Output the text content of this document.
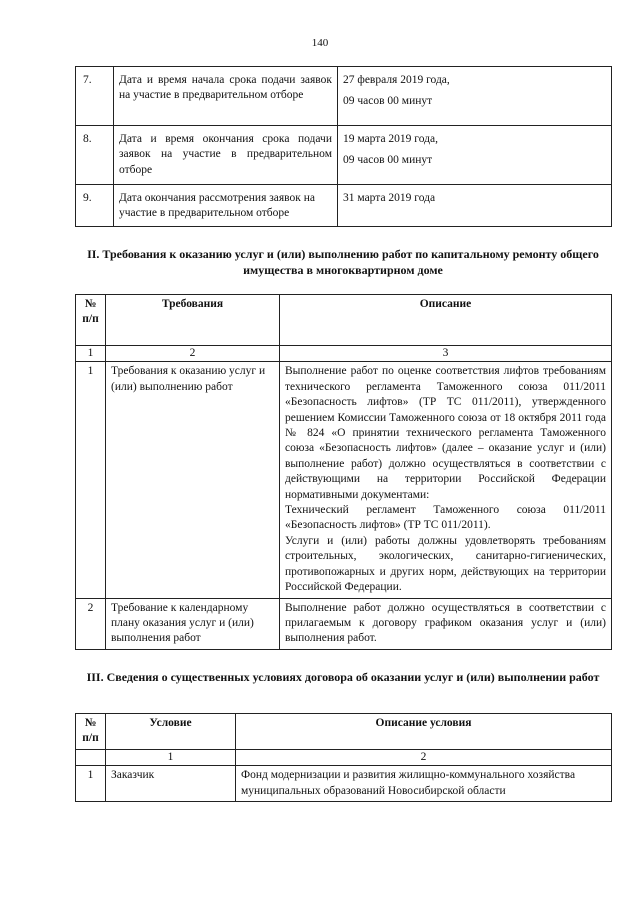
140
7.	Дата и время начала срока подачи заявок на участие в предварительном отборе	27 февраля 2019 года,

09 часов 00 минут

8.	Дата и время окончания срока подачи заявок на участие в предварительном отборе	19 марта 2019 года,

09 часов 00 минут

9.	Дата окончания рассмотрения заявок на участие в предварительном отборе	31 марта 2019 года

II. Требования к оказанию услуг и (или) выполнению работ по капитальному ремонту общего имущества в многоквартирном доме
№ п/п	Требования	Описание
1	2	3
1	Требования к оказанию услуг и (или) выполнению работ	Выполнение работ по оценке соответствия лифтов требованиям технического регламента Таможенного союза 011/2011 «Безопасность лифтов» (ТР ТС 011/2011), утвержденного решением Комиссии Таможенного союза от 18 октября 2011 года № 824 «О принятии технического регламента Таможенного союза «Безопасность лифтов» (далее – оказание услуг и (или) выполнение работ) должно осуществляться в соответствии с действующими на территории Российской Федерации нормативными документами:

Технический регламент Таможенного союза 011/2011 «Безопасность лифтов» (ТР ТС 011/2011).

Услуги и (или) работы должны удовлетворять требованиям строительных, экологических, санитарно-гигиенических, противопожарных и других норм, действующих на территории Российской Федерации.

2	Требование к календарному плану оказания услуг и (или) выполнения работ	Выполнение работ должно осуществляться в соответствии с прилагаемым к договору графиком оказания услуг и (или) выполнения работ.
III. Сведения о существенных условиях договора об оказании услуг и (или) выполнении работ
№ п/п	Условие	Описание условия
	1	2
1	Заказчик	Фонд модернизации и развития жилищно-коммунального хозяйства муниципальных образований Новосибирской области
